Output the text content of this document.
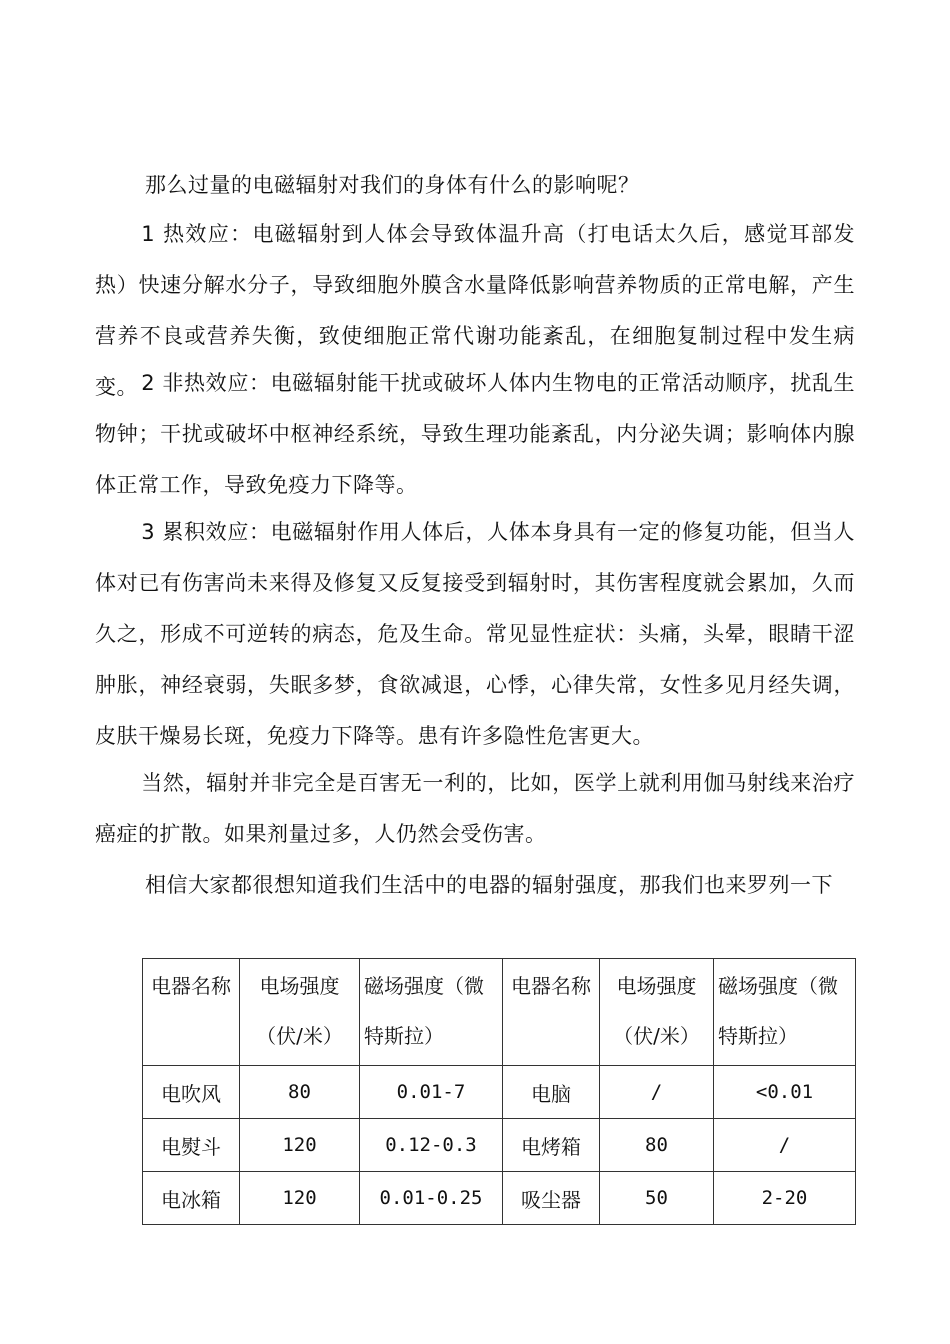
那么过量的电磁辐射对我们的身体有什么的影响呢？

1 热效应：电磁辐射到人体会导致体温升高（打电话太久后，感觉耳部发热）快速分解水分子，导致细胞外膜含水量降低影响营养物质的正常电解，产生营养不良或营养失衡，致使细胞正常代谢功能紊乱，在细胞复制过程中发生病变。 2 非热效应：电磁辐射能干扰或破坏人体内生物电的正常活动顺序，扰乱生物钟；干扰或破坏中枢神经系统，导致生理功能紊乱，内分泌失调；影响体内腺体正常工作，导致免疫力下降等。

3 累积效应：电磁辐射作用人体后，人体本身具有一定的修复功能，但当人体对已有伤害尚未来得及修复又反复接受到辐射时，其伤害程度就会累加，久而久之，形成不可逆转的病态，危及生命。常见显性症状：头痛，头晕，眼睛干涩肿胀，神经衰弱，失眠多梦，食欲减退，心悸，心律失常，女性多见月经失调，皮肤干燥易长斑，免疫力下降等。患有许多隐性危害更大。

当然，辐射并非完全是百害无一利的，比如，医学上就利用伽马射线来治疗癌症的扩散。如果剂量过多，人仍然会受伤害。

相信大家都很想知道我们生活中的电器的辐射强度，那我们也来罗列一下

电器名称	电场强度（伏/米）	磁场强度（微特斯拉）	电器名称	电场强度（伏/米）	磁场强度（微特斯拉）
电吹风	80	0.01-7	电脑	/	<0.01
电熨斗	120	0.12-0.3	电烤箱	80	/
电冰箱	120	0.01-0.25	吸尘器	50	2-20
